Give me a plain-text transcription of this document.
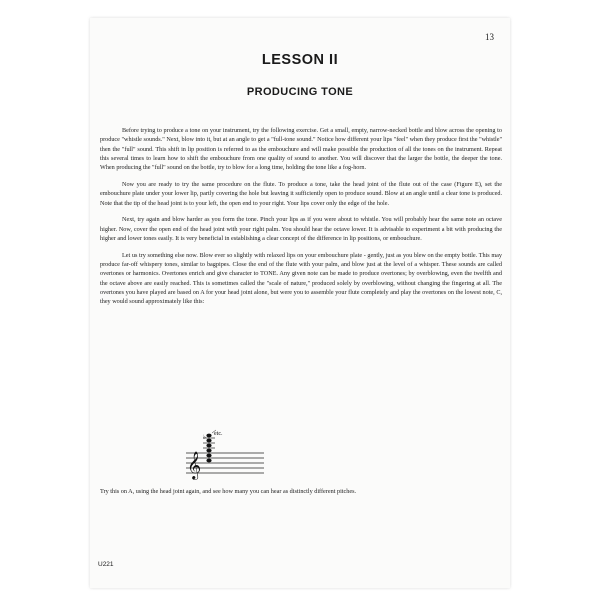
13
LESSON II
PRODUCING TONE

Before trying to produce a tone on your instrument, try the following exercise. Get a small, empty, narrow-necked bottle and blow across the opening to produce "whistle sounds." Next, blow into it, but at an angle to get a "full-tone sound." Notice how different your lips "feel" when they produce first the "whistle" then the "full" sound. This shift in lip position is referred to as the embouchure and will make possible the production of all the tones on the instrument. Repeat this several times to learn how to shift the embouchure from one quality of sound to another. You will discover that the larger the bottle, the deeper the tone. When producing the "full" sound on the bottle, try to blow for a long time, holding the tone like a fog-horn.

Now you are ready to try the same procedure on the flute. To produce a tone, take the head joint of the flute out of the case (Figure E), set the embouchure plate under your lower lip, partly covering the hole but leaving it sufficiently open to produce sound. Blow at an angle until a clear tone is produced. Note that the tip of the head joint is to your left, the open end to your right. Your lips cover only the edge of the hole.

Next, try again and blow harder as you form the tone. Pinch your lips as if you were about to whistle. You will probably hear the same note an octave higher. Now, cover the open end of the head joint with your right palm. You should hear the octave lower. It is advisable to experiment a bit with producing the higher and lower tones easily. It is very beneficial in establishing a clear concept of the difference in lip positions, or embouchure.

Let us try something else now. Blow ever so slightly with relaxed lips on your embouchure plate - gently, just as you blew on the empty bottle. This may produce far-off whispery tones, similar to bagpipes. Close the end of the flute with your palm, and blow just at the level of a whisper. These sounds are called overtones or harmonics. Overtones enrich and give character to TONE. Any given note can be made to produce overtones; by overblowing, even the twelfth and the octave above are easily reached. This is sometimes called the "scale of nature," produced solely by overblowing, without changing the fingering at all. The overtones you have played are based on A for your head joint alone, but were you to assemble your flute completely and play the overtones on the lowest note, C, they would sound approximately like this:

𝄞
♭
etc.
Try this on A, using the head joint again, and see how many you can hear as distinctly different pitches.
U221
